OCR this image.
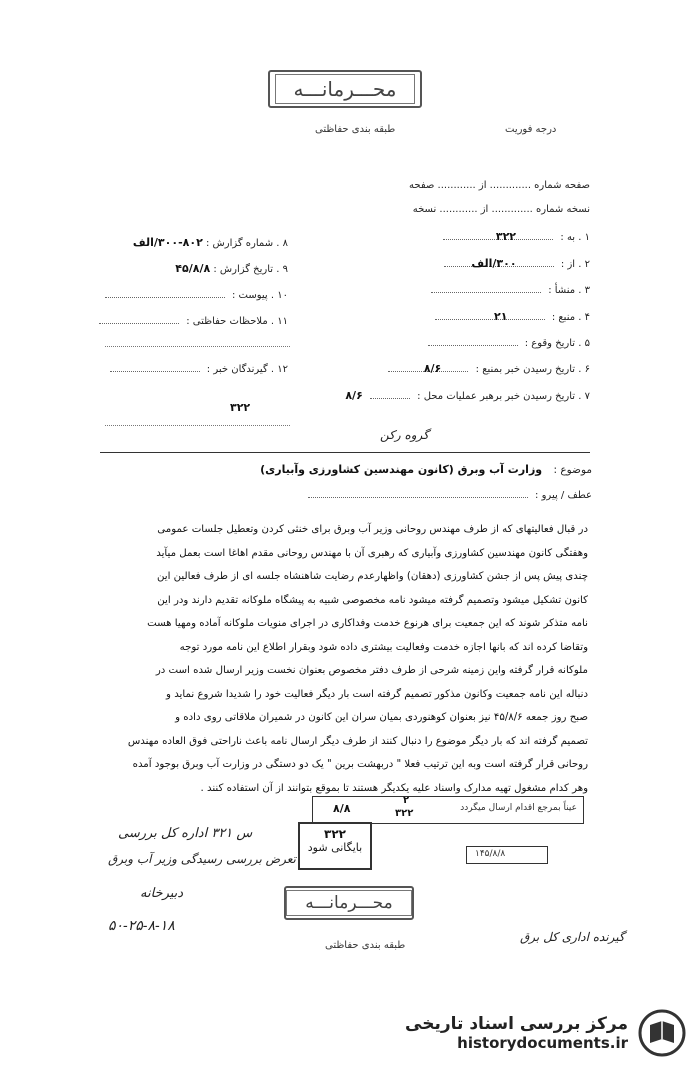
محـــرمانـــه
طبقه بندی حفاظتی	درجه فوریت
صفحه شماره ............. از ............ صفحه
نسخه شماره ............. از ............ نسخه
۱ . به :  ۳۲۲
۲ . از :  ۳۰۰/الف
۳ . منشأ :
۴ . منبع :  ۲۱
۵ . تاریخ وقوع :
۶ . تاریخ رسیدن خبر بمنبع :  ۸/۶
۷ . تاریخ رسیدن خبر برهبر عملیات محل :  ۸/۶
۸ . شماره گزارش : ۸۰۲-۳۰۰/الف
۹ . تاریخ گزارش : ۴۵/۸/۸
۱۰ . پیوست :
۱۱ . ملاحظات حفاظتی :
۱۲ . گیرندگان خبر :
۳۲۲
گروه رکن
موضوع : وزارت آب وبرق (کانون مهندسین کشاورزی وآبیاری)
عطف / پیرو :

در قبال فعالیتهای که از طرف مهندس روحانی وزیر آب وبرق برای خنثی کردن وتعطیل جلسات عمومی

وهفتگی کانون مهندسین کشاورزی وآبیاری که رهبری آن با مهندس روحانی مقدم اهاغا است بعمل میآید

چندی پیش پس از جشن کشاورزی (دهقان) واظهارعدم رضایت شاهنشاه جلسه ای از طرف فعالین این

کانون تشکیل میشود وتصمیم گرفته میشود نامه مخصوصی شبیه به پیشگاه ملوکانه تقدیم دارند ودر این

نامه متذکر شوند که این جمعیت برای هرنوع خدمت وفداکاری در اجرای منویات ملوکانه آماده ومهیا هست

وتقاضا کرده اند که بانها اجازه خدمت وفعالیت بیشتری داده شود وبقرار اطلاع این نامه مورد توجه

ملوکانه قرار گرفته واین زمینه شرحی از طرف دفتر مخصوص بعنوان نخست وزیر ارسال شده است در

دنباله این نامه جمعیت وکانون مذکور تصمیم گرفته است بار دیگر فعالیت خود را شدیدا شروع نماید و

صبح روز جمعه ۴۵/۸/۶ نیز بعنوان کوهنوردی بمیان سران این کانون در شمیران ملاقاتی روی داده و

تصمیم گرفته اند که بار دیگر موضوع را دنبال کنند از طرف دیگر ارسال نامه باعث ناراحتی فوق العاده مهندس

روحانی قرار گرفته است وبه این ترتیب فعلا " دربهشت برین " یک دو دستگی در وزارت آب وبرق بوجود آمده

وهر کدام مشغول تهیه مدارک واسناد علیه یکدیگر هستند تا بموقع بتوانند از آن استفاده کنند .

عیناً بمرجع اقدام ارسال میگردد
۲
۳۲۲
۸/۸
۳۲۲
بایگانی شود	۱۴۵/۸/۸
س ۳۲۱ اداره کل بررسی
تعرض بررسی رسیدگی وزیر آب وبرق
دبیرخانه
۵۰-۲۵-۸-۱۸
گیرنده اداری کل برق
محـــرمانـــه
طبقه بندی حفاظتی
مرکز بررسی اسناد تاریخی
historydocuments.ir
